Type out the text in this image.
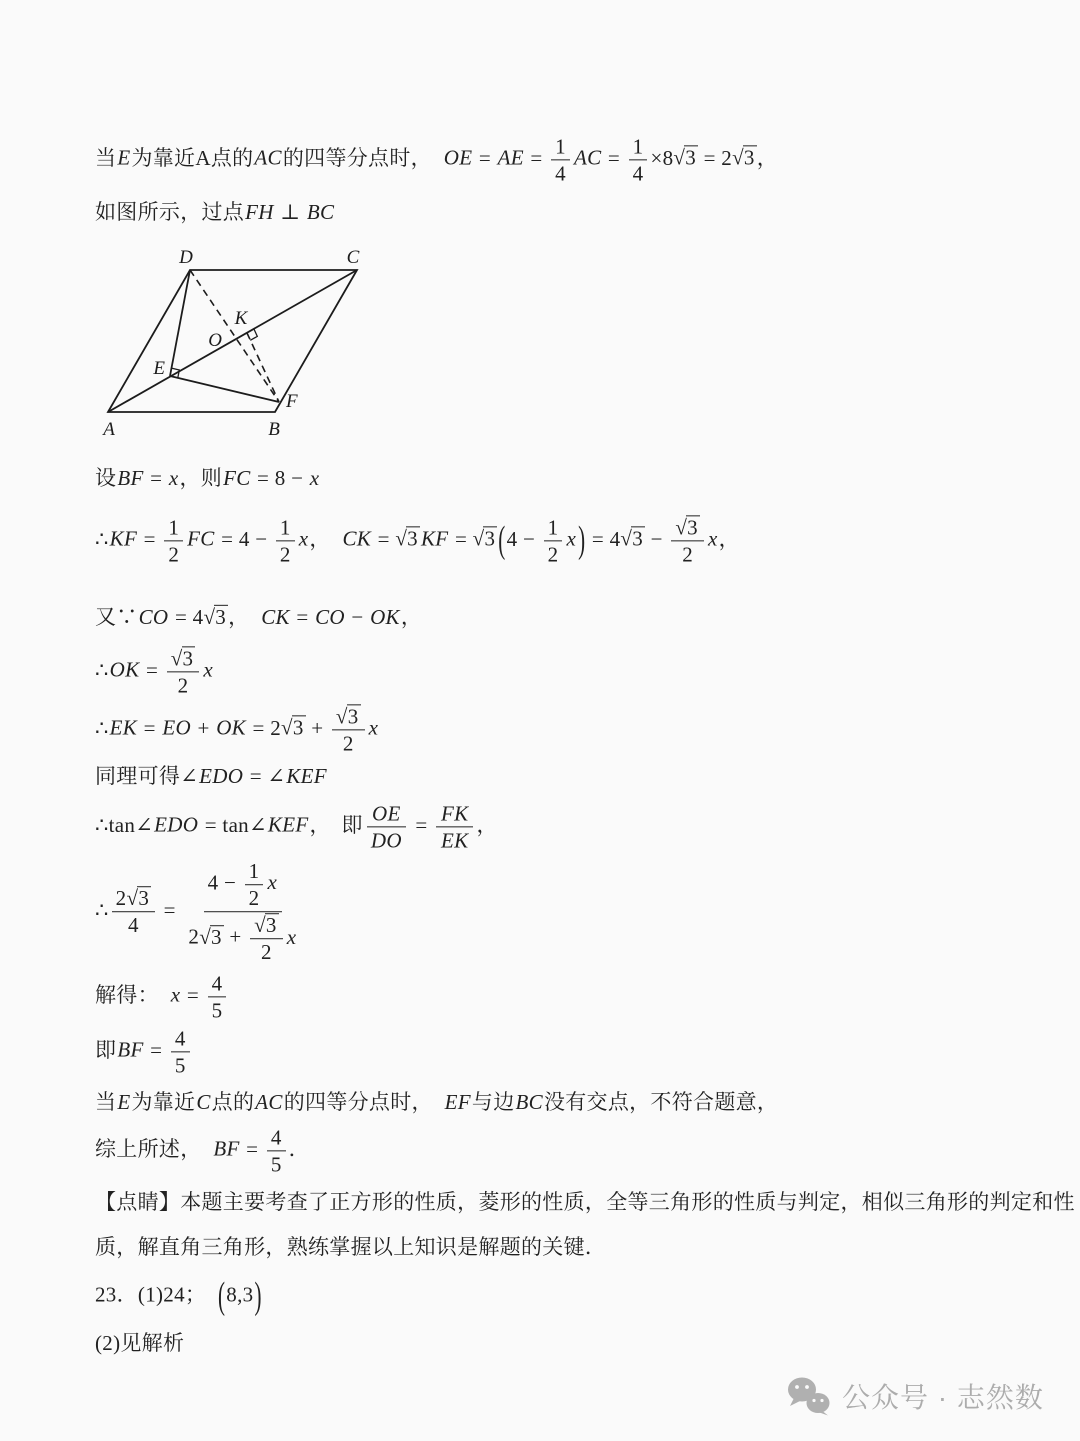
当E为靠近A点的AC的四等分点时，　OE = AE = $\frac{1}{4}$ AC = $\frac{1}{4} \times 8√3 = 2√3$，

如图所示，过点FH ⊥ BC

A	B
C
D
E
F
K
O

设BF = x，则FC = 8 − x

∴KF = $\frac{1}{2}$ FC = $4 - \frac{1}{2}$ x，　CK = √3 KF = √3 $(4 - \frac{1}{2} x) = 4√3 - \frac{√3}{2}$ x，

又∵CO = 4√3，　CK = CO − OK，

∴OK = $\frac{√3}{2}$ x

∴EK = EO + OK = $2√3 + \frac{√3}{2}$ x

同理可得∠EDO = ∠KEF

∴tan∠EDO = tan∠KEF，　即 $\frac{OE}{DO} = \frac{FK}{EK}$ ，

∴ $\frac{2√3}{4} = \frac{4 - \frac{1}{2} x}{2√3 + \frac{√3}{2} x}$

解得：　$x = \frac{4}{5}$

即BF = $\frac{4}{5}$

当E为靠近C点的AC的四等分点时，　EF与边BC没有交点，不符合题意，

综上所述，　BF = $\frac{4}{5}$ ．

【点睛】本题主要考查了正方形的性质，菱形的性质，全等三角形的性质与判定，相似三角形的判定和性

质，解直角三角形，熟练掌握以上知识是解题的关键．

23．(1)24；　(8,3)

(2)见解析

公众号 · 志然数
